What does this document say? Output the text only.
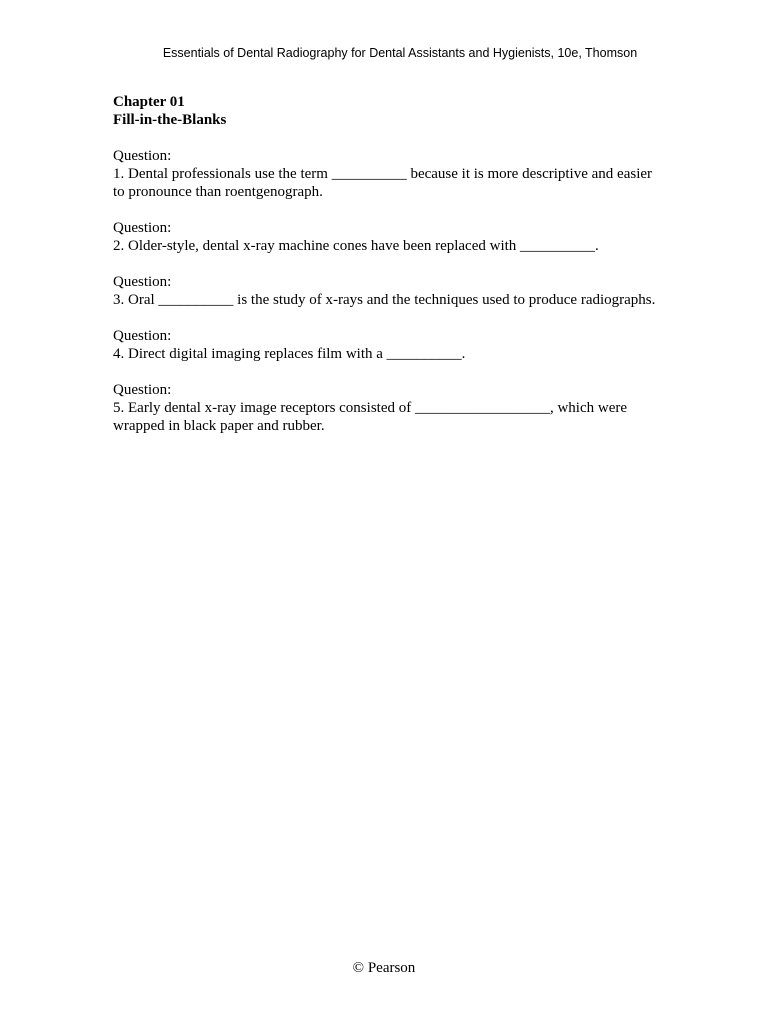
Essentials of Dental Radiography for Dental Assistants and Hygienists, 10e, Thomson
Chapter 01
Fill-in-the-Blanks
Question:
1. Dental professionals use the term __________ because it is more descriptive and easier to pronounce than roentgenograph.
Question:
2. Older-style, dental x-ray machine cones have been replaced with __________.
Question:
3. Oral __________ is the study of x-rays and the techniques used to produce radiographs.
Question:
4. Direct digital imaging replaces film with a __________.
Question:
5. Early dental x-ray image receptors consisted of __________________, which were wrapped in black paper and rubber.
© Pearson
